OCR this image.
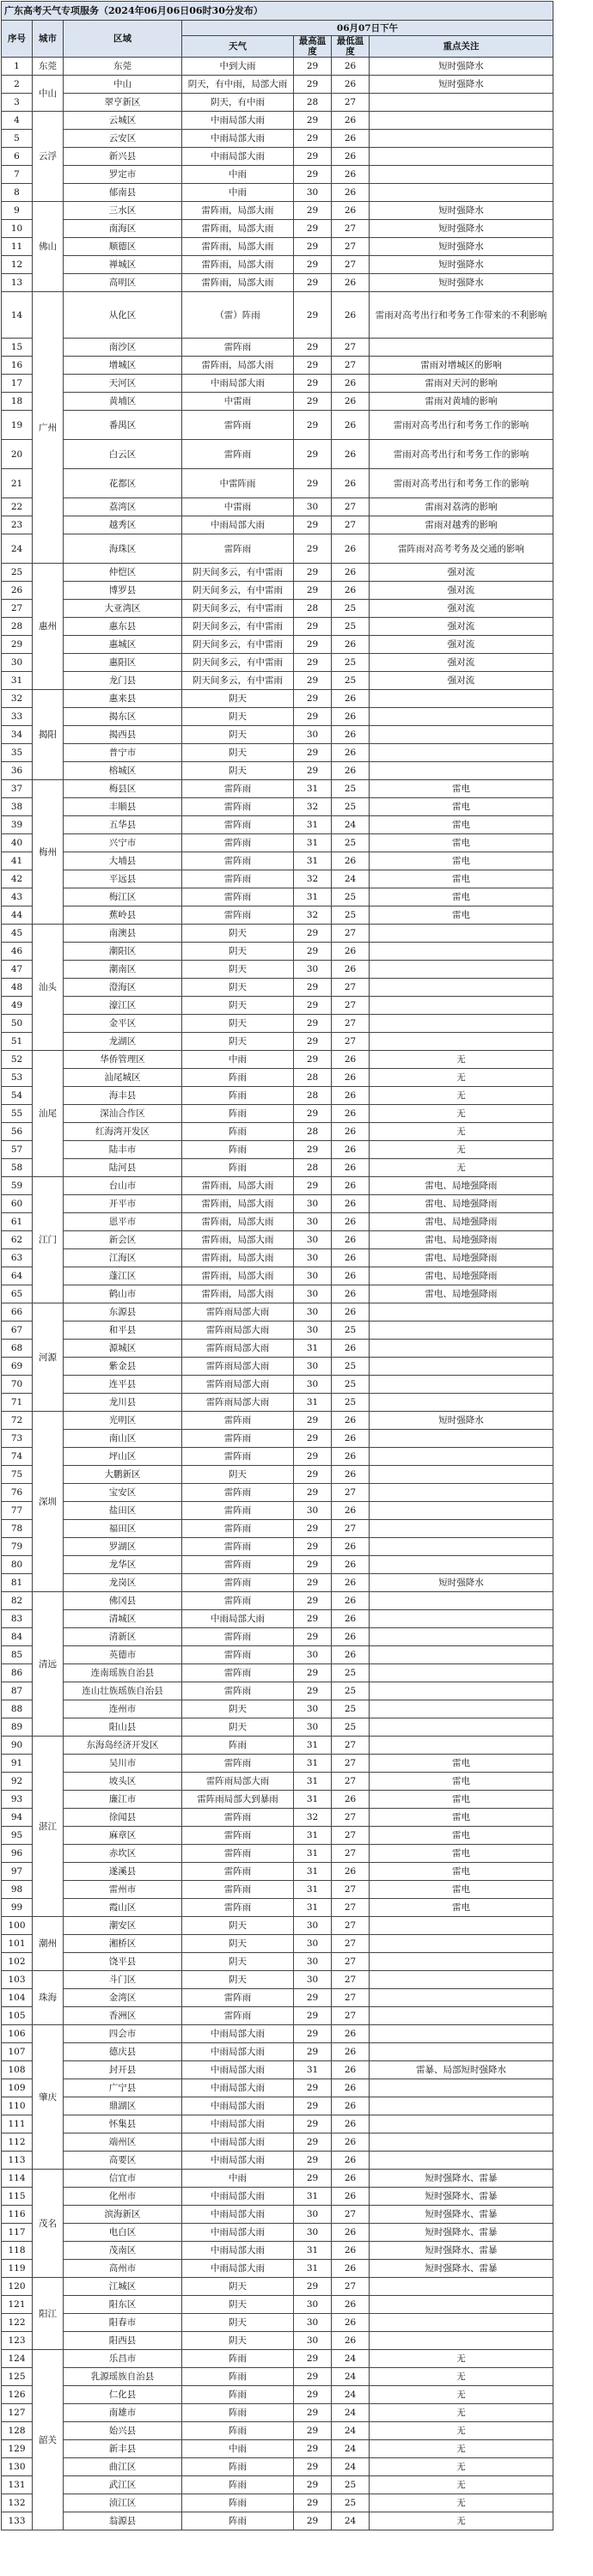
广东高考天气专项服务（2024年06月06日06时30分发布）						
序号	城市	区域	06月07日下午			
			天气	最高温度	最低温度	重点关注
1	东莞	东莞	中到大雨	29	26	短时强降水
2	中山	中山	阴天，有中雨，局部大雨	29	26	短时强降水
3		翠亨新区	阴天，有中雨	28	27	
4	云浮	云城区	中雨局部大雨	29	26	
5		云安区	中雨局部大雨	29	26	
6		新兴县	中雨局部大雨	29	26	
7		罗定市	中雨	29	26	
8		郁南县	中雨	30	26	
9	佛山	三水区	雷阵雨，局部大雨	29	26	短时强降水
10		南海区	雷阵雨，局部大雨	29	27	短时强降水
11		顺德区	雷阵雨，局部大雨	29	27	短时强降水
12		禅城区	雷阵雨，局部大雨	29	27	短时强降水
13		高明区	雷阵雨，局部大雨	29	26	短时强降水
14	广州	从化区	（雷）阵雨	29	26	雷雨对高考出行和考务工作带来的不利影响
15		南沙区	雷阵雨	29	27	
16		增城区	雷阵雨，局部大雨	29	27	雷雨对增城区的影响
17		天河区	中雨局部大雨	29	26	雷雨对天河的影响
18		黄埔区	中雷雨	29	26	雷雨对黄埔的影响
19		番禺区	雷阵雨	29	26	雷雨对高考出行和考务工作的影响
20		白云区	雷阵雨	29	26	雷雨对高考出行和考务工作的影响
21		花都区	中雷阵雨	29	26	雷雨对高考出行和考务工作的影响
22		荔湾区	中雷雨	30	27	雷雨对荔湾的影响
23		越秀区	中雨局部大雨	29	27	雷雨对越秀的影响
24		海珠区	雷阵雨	29	26	雷阵雨对高考考务及交通的影响
25	惠州	仲恺区	阴天间多云，有中雷雨	29	26	强对流
26		博罗县	阴天间多云，有中雷雨	29	26	强对流
27		大亚湾区	阴天间多云，有中雷雨	28	25	强对流
28		惠东县	阴天间多云，有中雷雨	29	25	强对流
29		惠城区	阴天间多云，有中雷雨	29	26	强对流
30		惠阳区	阴天间多云，有中雷雨	29	25	强对流
31		龙门县	阴天间多云，有中雷雨	29	25	强对流
32	揭阳	惠来县	阴天	29	26	
33		揭东区	阴天	29	26	
34		揭西县	阴天	30	26	
35		普宁市	阴天	29	26	
36		榕城区	阴天	29	26	
37	梅州	梅县区	雷阵雨	31	25	雷电
38		丰顺县	雷阵雨	32	25	雷电
39		五华县	雷阵雨	31	24	雷电
40		兴宁市	雷阵雨	31	25	雷电
41		大埔县	雷阵雨	31	26	雷电
42		平远县	雷阵雨	32	24	雷电
43		梅江区	雷阵雨	31	25	雷电
44		蕉岭县	雷阵雨	32	25	雷电
45	汕头	南澳县	阴天	29	27	
46		潮阳区	阴天	29	26	
47		潮南区	阴天	30	26	
48		澄海区	阴天	29	27	
49		濠江区	阴天	29	27	
50		金平区	阴天	29	27	
51		龙湖区	阴天	29	27	
52	汕尾	华侨管理区	中雨	29	26	无
53		汕尾城区	阵雨	28	26	无
54		海丰县	阵雨	28	26	无
55		深汕合作区	阵雨	29	26	无
56		红海湾开发区	阵雨	28	26	无
57		陆丰市	阵雨	29	26	无
58		陆河县	阵雨	28	26	无
59	江门	台山市	雷阵雨，局部大雨	29	26	雷电、局地强降雨
60		开平市	雷阵雨，局部大雨	30	26	雷电、局地强降雨
61		恩平市	雷阵雨，局部大雨	30	26	雷电、局地强降雨
62		新会区	雷阵雨，局部大雨	30	26	雷电、局地强降雨
63		江海区	雷阵雨，局部大雨	30	26	雷电、局地强降雨
64		蓬江区	雷阵雨，局部大雨	30	26	雷电、局地强降雨
65		鹤山市	雷阵雨，局部大雨	30	26	雷电、局地强降雨
66	河源	东源县	雷阵雨局部大雨	30	26	
67		和平县	雷阵雨局部大雨	30	25	
68		源城区	雷阵雨局部大雨	31	26	
69		紫金县	雷阵雨局部大雨	30	25	
70		连平县	雷阵雨局部大雨	30	25	
71		龙川县	雷阵雨局部大雨	31	25	
72	深圳	光明区	雷阵雨	29	26	短时强降水
73		南山区	雷阵雨	29	26	
74		坪山区	雷阵雨	29	26	
75		大鹏新区	阴天	29	26	
76		宝安区	雷阵雨	29	27	
77		盐田区	雷阵雨	30	26	
78		福田区	雷阵雨	29	27	
79		罗湖区	雷阵雨	29	26	
80		龙华区	雷阵雨	29	26	
81		龙岗区	雷阵雨	29	26	短时强降水
82	清远	佛冈县	雷阵雨	29	26	
83		清城区	中雨局部大雨	29	26	
84		清新区	雷阵雨	29	26	
85		英德市	雷阵雨	30	26	
86		连南瑶族自治县	雷阵雨	29	25	
87		连山壮族瑶族自治县	雷阵雨	29	25	
88		连州市	阴天	30	25	
89		阳山县	阴天	30	25	
90	湛江	东海岛经济开发区	阵雨	31	27	
91		吴川市	雷阵雨	31	27	雷电
92		坡头区	雷阵雨局部大雨	31	27	雷电
93		廉江市	雷阵雨局部大到暴雨	31	26	雷电
94		徐闻县	雷阵雨	32	27	雷电
95		麻章区	雷阵雨	31	27	雷电
96		赤坎区	雷阵雨	31	27	雷电
97		遂溪县	雷阵雨	31	26	雷电
98		雷州市	雷阵雨	31	27	雷电
99		霞山区	雷阵雨	31	27	雷电
100	潮州	潮安区	阴天	30	27	
101		湘桥区	阴天	30	27	
102		饶平县	阴天	30	27	
103	珠海	斗门区	阴天	30	27	
104		金湾区	雷阵雨	29	27	
105		香洲区	雷阵雨	29	27	
106	肇庆	四会市	中雨局部大雨	29	26	
107		德庆县	中雨局部大雨	29	26	
108		封开县	中雨局部大雨	31	26	雷暴、局部短时强降水
109		广宁县	中雨局部大雨	29	26	
110		鼎湖区	中雨局部大雨	29	26	
111		怀集县	中雨局部大雨	29	26	
112		端州区	中雨局部大雨	29	26	
113		高要区	中雨局部大雨	29	26	
114	茂名	信宜市	中雨	29	26	短时强降水、雷暴
115		化州市	中雨局部大雨	31	26	短时强降水、雷暴
116		滨海新区	中雨局部大雨	30	27	短时强降水、雷暴
117		电白区	中雨局部大雨	30	26	短时强降水、雷暴
118		茂南区	中雨局部大雨	31	26	短时强降水、雷暴
119		高州市	中雨局部大雨	31	26	短时强降水、雷暴
120	阳江	江城区	阴天	29	27	
121		阳东区	阴天	30	26	
122		阳春市	阴天	30	26	
123		阳西县	阴天	30	26	
124	韶关	乐昌市	阵雨	29	24	无
125		乳源瑶族自治县	阵雨	29	24	无
126		仁化县	阵雨	29	24	无
127		南雄市	阵雨	29	24	无
128		始兴县	阵雨	29	24	无
129		新丰县	中雨	29	24	无
130		曲江区	阵雨	29	24	无
131		武江区	阵雨	29	25	无
132		浈江区	阵雨	29	25	无
133		翁源县	阵雨	29	24	无
